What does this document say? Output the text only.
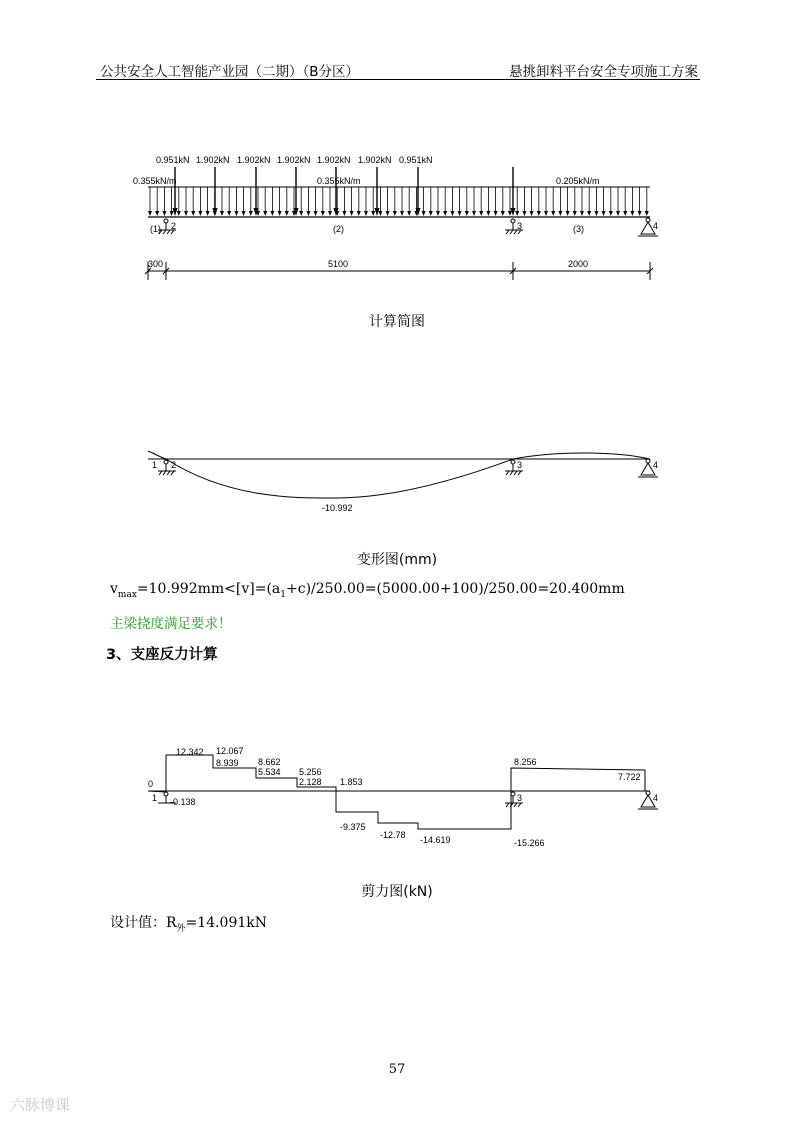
公共安全人工智能产业园（二期）（B分区）	悬挑卸料平台安全专项施工方案
0.951kN 1.902kN 1.902kN 1.902kN 1.902kN 1.902kN 0.951kN
0.355kN/m	0.355kN/m	0.205kN/m
(1) 2	(2)	3	(3)	4
300	5100	2000
计算简图
1 2	3	4
-10.992
变形图(mm)
$v_{max}=10.992mm<[v]=(a_1+c)/250.00=(5000.00+100)/250.00=20.400mm$
主梁挠度满足要求！
3、支座反力计算
12.342 12.067
8.939 8.662
5.534 5.256
2.128 1.853
0
-0.138
-9.375
-12.78 -14.619	-15.266
8.256
7.722
1	3	4
剪力图(kN)
设计值：$R_外=14.091kN$
57
六脉博课
